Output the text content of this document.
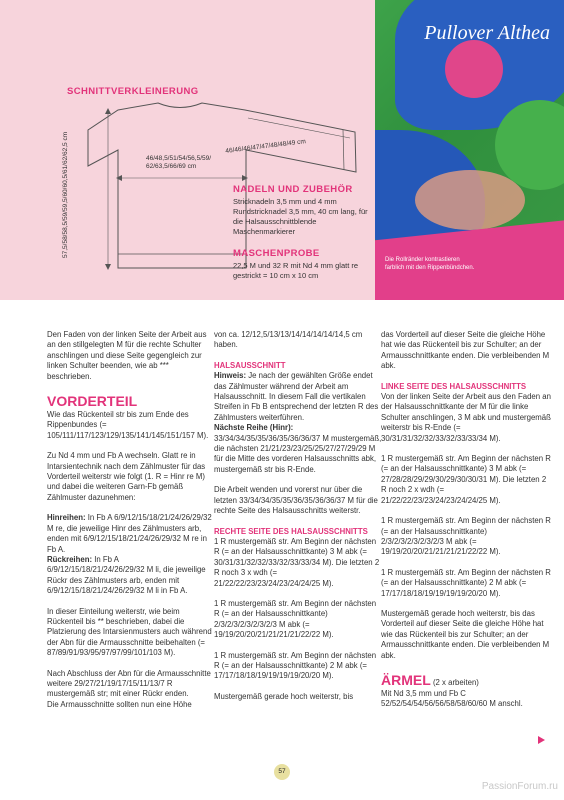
Pullover Althea
Die Rollränder kontrastieren farblich mit den Rippenbündchen.
SCHNITTVERKLEINERUNG
57,5/58/58,5/59/59,5/60/60,5/61/62/62,5 cm	46/48,5/51/54/56,5/59/ 62/63,5/66/69 cm
46/46/46/47/47/48/48/49 cm
NADELN UND ZUBEHÖR
Stricknadeln 3,5 mm und 4 mm Rundstricknadel 3,5 mm, 40 cm lang, für die Halsausschnittblende Maschenmarkierer
MASCHENPROBE
22,5 M und 32 R mit Nd 4 mm glatt re gestrickt = 10 cm x 10 cm

Den Faden von der linken Seite der Arbeit aus an den stillgelegten M für die rechte Schulter anschlingen und diese Seite gegengleich zur linken Schulter beenden, wie ab *** beschrieben.

VORDERTEIL

Wie das Rückenteil str bis zum Ende des Rippenbundes (= 105/111/117/123/129/135/141/145/151/157 M).

Zu Nd 4 mm und Fb A wechseln. Glatt re in Intarsientechnik nach dem Zählmuster für das Vorderteil weiterstr wie folgt (1. R = Hinr re M) und dabei die weiteren Garn-Fb gemäß Zählmuster dazunehmen:

Hinreihen: In Fb A 6/9/12/15/18/21/24/26/29/32 M re, die jeweilige Hinr des Zählmusters arb, enden mit 6/9/12/15/18/21/24/26/29/32 M re in Fb A.

Rückreihen: In Fb A 6/9/12/15/18/21/24/26/29/32 M li, die jeweilige Rückr des Zählmusters arb, enden mit 6/9/12/15/18/21/24/26/29/32 M li in Fb A.

In dieser Einteilung weiterstr, wie beim Rückenteil bis ** beschrieben, dabei die Platzierung des Intarsienmusters auch während der Abn für die Armausschnitte beibehalten (= 87/89/91/93/95/97/97/99/101/103 M).

Nach Abschluss der Abn für die Armausschnitte weitere 29/27/21/19/17/15/11/13/7 R mustergemäß str; mit einer Rückr enden.

Die Armausschnitte sollten nun eine Höhe

von ca. 12/12,5/13/13/14/14/14/14/14,5 cm haben.

HALSAUSSCHNITT

Hinweis: Je nach der gewählten Größe endet das Zählmuster während der Arbeit am Halsausschnitt. In diesem Fall die vertikalen Streifen in Fb B entsprechend der letzten R des Zählmusters weiterführen.
Nächste Reihe (Hinr): 33/34/34/35/35/36/35/36/36/37 M mustergemäß, die nächsten 21/21/23/23/25/25/27/27/29/29 M für die Mitte des vorderen Halsausschnitts abk, mustergemäß str bis R-Ende.

Die Arbeit wenden und vorerst nur über die letzten 33/34/34/35/35/36/35/36/36/37 M für die rechte Seite des Halsausschnitts weiterstr.

RECHTE SEITE DES HALSAUSSCHNITTS

1 R mustergemäß str. Am Beginn der nächsten R (= an der Halsausschnittkante) 3 M abk (= 30/31/31/32/32/33/32/33/33/34 M). Die letzten 2 R noch 3 x wdh (= 21/22/22/23/23/24/23/24/24/25 M).

1 R mustergemäß str. Am Beginn der nächsten R (= an der Halsausschnittkante) 2/3/2/3/2/3/2/3/2/3 M abk (= 19/19/20/20/21/21/21/21/22/22 M).

1 R mustergemäß str. Am Beginn der nächsten R (= an der Halsausschnittkante) 2 M abk (= 17/17/18/18/19/19/19/19/20/20 M).

Mustergemäß gerade hoch weiterstr, bis

das Vorderteil auf dieser Seite die gleiche Höhe hat wie das Rückenteil bis zur Schulter; an der Armausschnittkante enden. Die verbleibenden M abk.

LINKE SEITE DES HALSAUSSCHNITTS

Von der linken Seite der Arbeit aus den Faden an der Halsausschnittkante der M für die linke Schulter anschlingen, 3 M abk und mustergemäß weiterstr bis R-Ende (= 30/31/31/32/32/33/32/33/33/34 M).

1 R mustergemäß str. Am Beginn der nächsten R (= an der Halsausschnittkante) 3 M abk (= 27/28/28/29/29/30/29/30/30/31 M). Die letzten 2 R noch 2 x wdh (= 21/22/22/23/23/24/23/24/24/25 M).

1 R mustergemäß str. Am Beginn der nächsten R (= an der Halsausschnittkante) 2/3/2/3/2/3/2/3/2/3 M abk (= 19/19/20/20/21/21/21/21/22/22 M).

1 R mustergemäß str. Am Beginn der nächsten R (= an der Halsausschnittkante) 2 M abk (= 17/17/18/18/19/19/19/19/20/20 M).

Mustergemäß gerade hoch weiterstr, bis das Vorderteil auf dieser Seite die gleiche Höhe hat wie das Rückenteil bis zur Schulter; an der Armausschnittkante enden. Die verbleibenden M abk.

ÄRMEL (2 x arbeiten)

Mit Nd 3,5 mm und Fb C 52/52/54/54/56/56/58/58/60/60 M anschl.

57
PassionForum.ru
